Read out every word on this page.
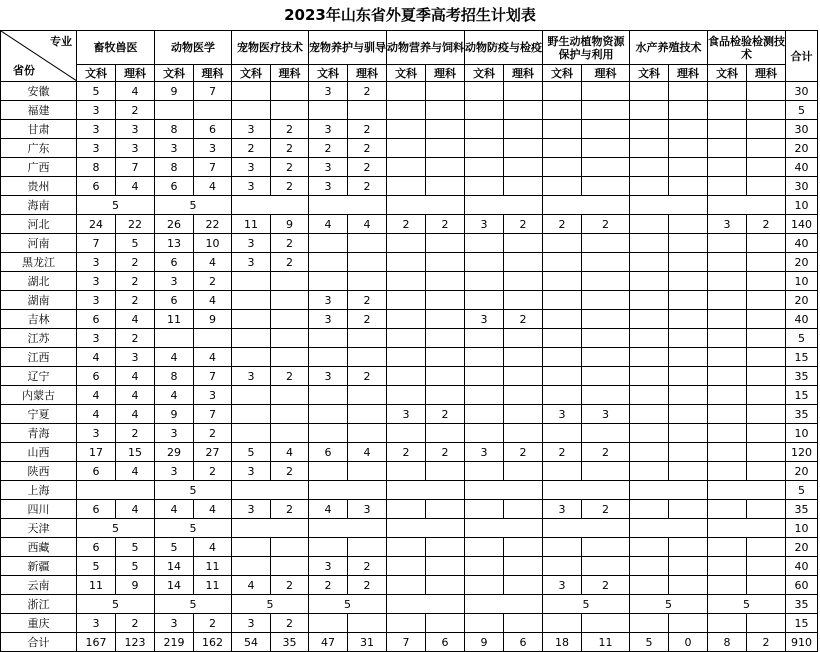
2023年山东省外夏季高考招生计划表
专业
省份	畜牧兽医		动物医学		宠物医疗技术		宠物养护与驯导		动物营养与饲料		动物防疫与检疫		野生动植物资源保护与利用		水产养殖技术		食品检验检测技术		合计
	文科	理科	文科	理科	文科	理科	文科	理科	文科	理科	文科	理科	文科	理科	文科	理科	文科	理科	
安徽	5	4	9	7			3	2											30
福建	3	2																	5
甘肃	3	3	8	6	3	2	3	2											30
广东	3	3	3	3	2	2	2	2											20
广西	8	7	8	7	3	2	3	2											40
贵州	6	4	6	4	3	2	3	2											30
海南	5		5																10
河北	24	22	26	22	11	9	4	4	2	2	3	2	2	2			3	2	140
河南	7	5	13	10	3	2													40
黑龙江	3	2	6	4	3	2													20
湖北	3	2	3	2															10
湖南	3	2	6	4			3	2											20
吉林	6	4	11	9			3	2			3	2							40
江苏	3	2																	5
江西	4	3	4	4															15
辽宁	6	4	8	7	3	2	3	2											35
内蒙古	4	4	4	3															15
宁夏	4	4	9	7					3	2			3	3					35
青海	3	2	3	2															10
山西	17	15	29	27	5	4	6	4	2	2	3	2	2	2					120
陕西	6	4	3	2	3	2													20
上海			5																5
四川	6	4	4	4	3	2	4	3					3	2					35
天津	5		5																10
西藏	6	5	5	4															20
新疆	5	5	14	11			3	2											40
云南	11	9	14	11	4	2	2	2					3	2					60
浙江	5		5		5		5						5		5		5		35
重庆	3	2	3	2	3	2													15
合计	167	123	219	162	54	35	47	31	7	6	9	6	18	11	5	0	8	2	910
